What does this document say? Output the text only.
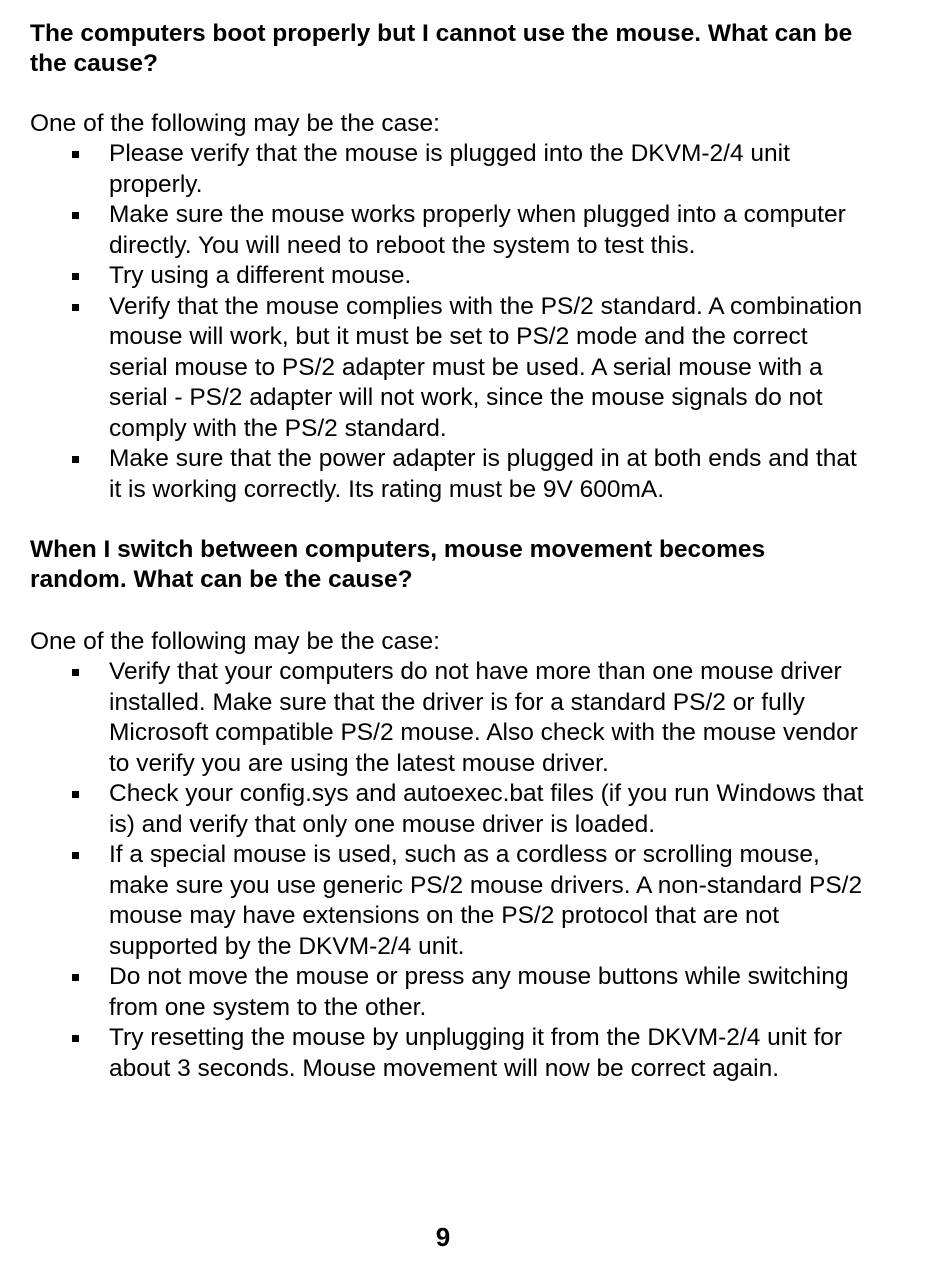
The computers boot properly but I cannot use the mouse. What can be the cause?

One of the following may be the case:

Please verify that the mouse is plugged into the DKVM-2/4 unit properly.
Make sure the mouse works properly when plugged into a computer directly. You will need to reboot the system to test this.
Try using a different mouse.
Verify that the mouse complies with the PS/2 standard. A combination mouse will work, but it must be set to PS/2 mode and the correct serial mouse to PS/2 adapter must be used. A serial mouse with a serial - PS/2 adapter will not work, since the mouse signals do not comply with the PS/2 standard.
Make sure that the power adapter is plugged in at both ends and that it is working correctly. Its rating must be 9V 600mA.
When I switch between computers, mouse movement becomes random. What can be the cause?

One of the following may be the case:

Verify that your computers do not have more than one mouse driver installed. Make sure that the driver is for a standard PS/2 or fully Microsoft compatible PS/2 mouse. Also check with the mouse vendor to verify you are using the latest mouse driver.
Check your config.sys and autoexec.bat files (if you run Windows that is) and verify that only one mouse driver is loaded.
If a special mouse is used, such as a cordless or scrolling mouse, make sure you use generic PS/2 mouse drivers. A non-standard PS/2 mouse may have extensions on the PS/2 protocol that are not supported by the DKVM-2/4 unit.
Do not move the mouse or press any mouse buttons while switching from one system to the other.
Try resetting the mouse by unplugging it from the DKVM-2/4 unit for about 3 seconds. Mouse movement will now be correct again.
9
